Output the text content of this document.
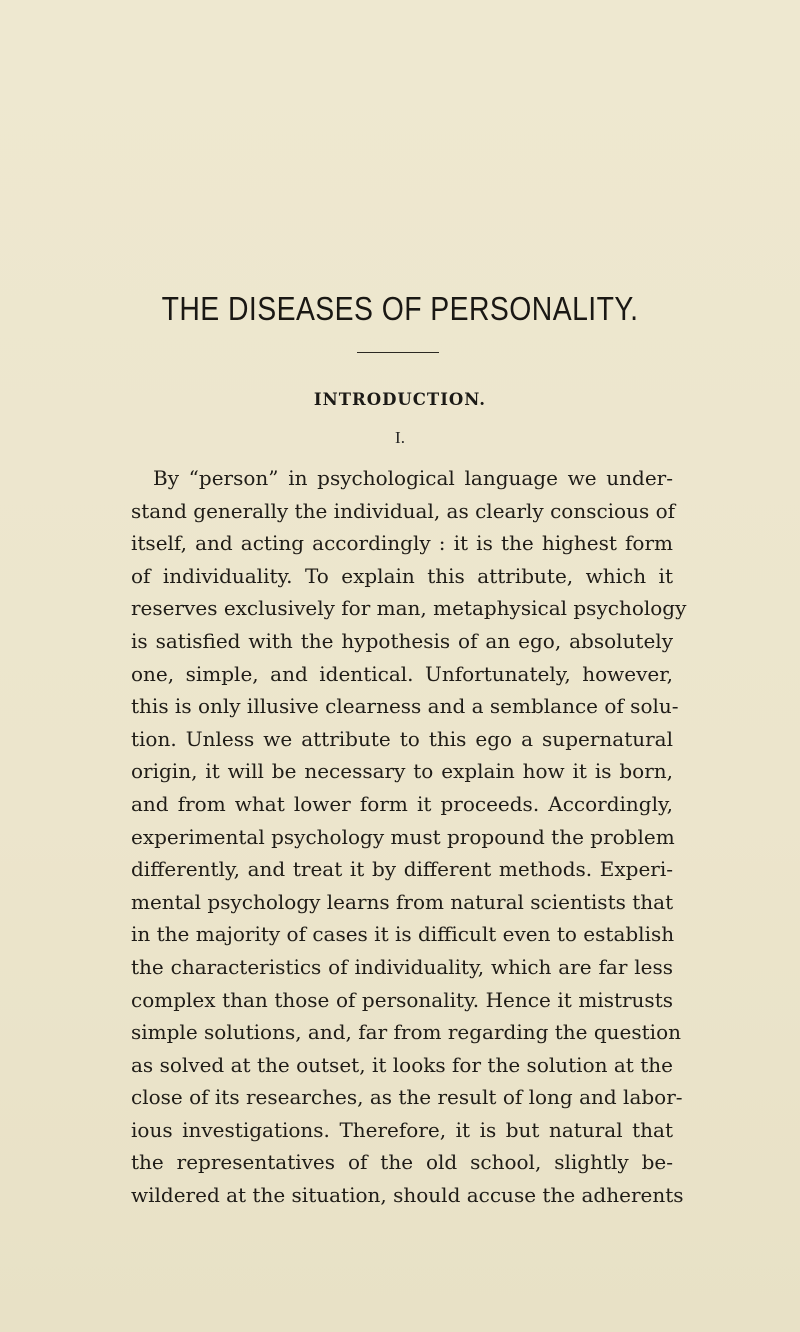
THE DISEASES OF PERSONALITY.
INTRODUCTION.
I.
By “person” in psychological language we under-
stand generally the individual, as clearly conscious of
itself, and acting accordingly : it is the highest form
of individuality. To explain this attribute, which it
reserves exclusively for man, metaphysical psychology
is satisfied with the hypothesis of an ego, absolutely
one, simple, and identical. Unfortunately, however,
this is only illusive clearness and a semblance of solu-
tion. Unless we attribute to this ego a supernatural
origin, it will be necessary to explain how it is born,
and from what lower form it proceeds. Accordingly,
experimental psychology must propound the problem
differently, and treat it by different methods. Experi-
mental psychology learns from natural scientists that
in the majority of cases it is difficult even to establish
the characteristics of individuality, which are far less
complex than those of personality. Hence it mistrusts
simple solutions, and, far from regarding the question
as solved at the outset, it looks for the solution at the
close of its researches, as the result of long and labor-
ious investigations. Therefore, it is but natural that
the representatives of the old school, slightly be-
wildered at the situation, should accuse the adherents
